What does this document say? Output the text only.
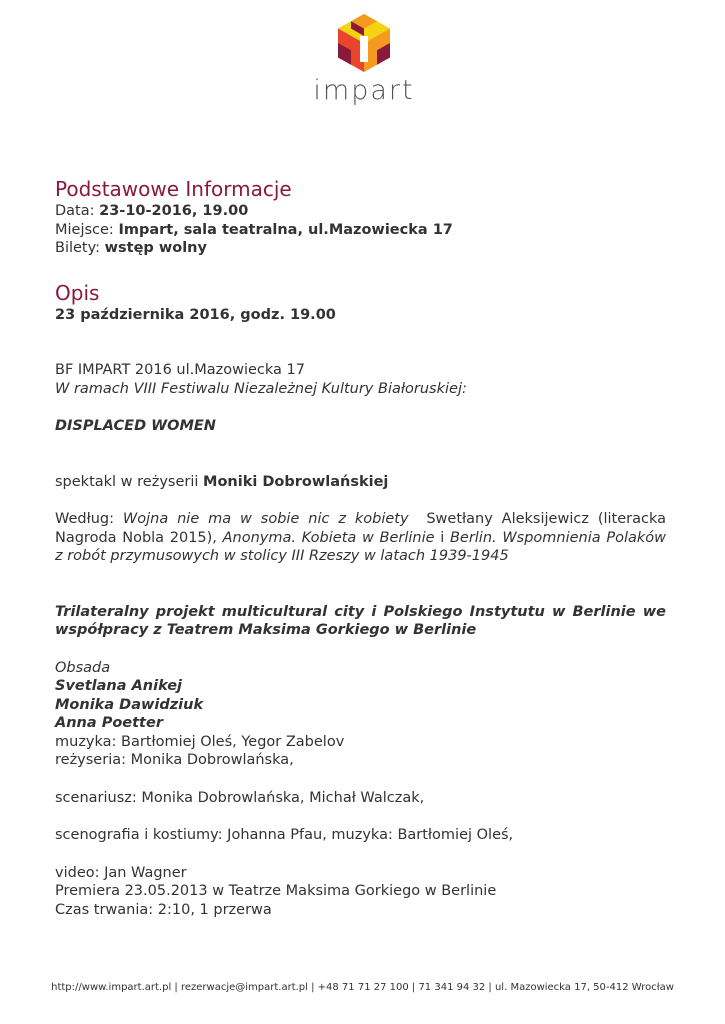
impart
Podstawowe Informacje

Data: 23-10-2016, 19.00

Miejsce: Impart, sala teatralna, ul.Mazowiecka 17

Bilety: wstęp wolny

Opis

23 października 2016, godz. 19.00

BF IMPART 2016 ul.Mazowiecka 17

W ramach VIII Festiwalu Niezależnej Kultury Białoruskiej:

DISPLACED WOMEN

spektakl w reżyserii Moniki Dobrowlańskiej

Według: Wojna nie ma w sobie nic z kobiety  Swetłany Aleksijewicz (literacka Nagroda Nobla 2015), Anonyma. Kobieta w Berlinie i Berlin. Wspomnienia Polaków z robót przymusowych w stolicy III Rzeszy w latach 1939-1945

Trilateralny projekt multicultural city i Polskiego Instytutu w Berlinie we współpracy z Teatrem Maksima Gorkiego w Berlinie

Obsada

Svetlana Anikej

Monika Dawidziuk

Anna Poetter

muzyka: Bartłomiej Oleś, Yegor Zabelov

reżyseria: Monika Dobrowlańska,

scenariusz: Monika Dobrowlańska, Michał Walczak,

scenografia i kostiumy: Johanna Pfau, muzyka: Bartłomiej Oleś,

video: Jan Wagner

Premiera 23.05.2013 w Teatrze Maksima Gorkiego w Berlinie

Czas trwania: 2:10, 1 przerwa

http://www.impart.art.pl | rezerwacje@impart.art.pl | +48 71 71 27 100 | 71 341 94 32 | ul. Mazowiecka 17, 50-412 Wrocław
